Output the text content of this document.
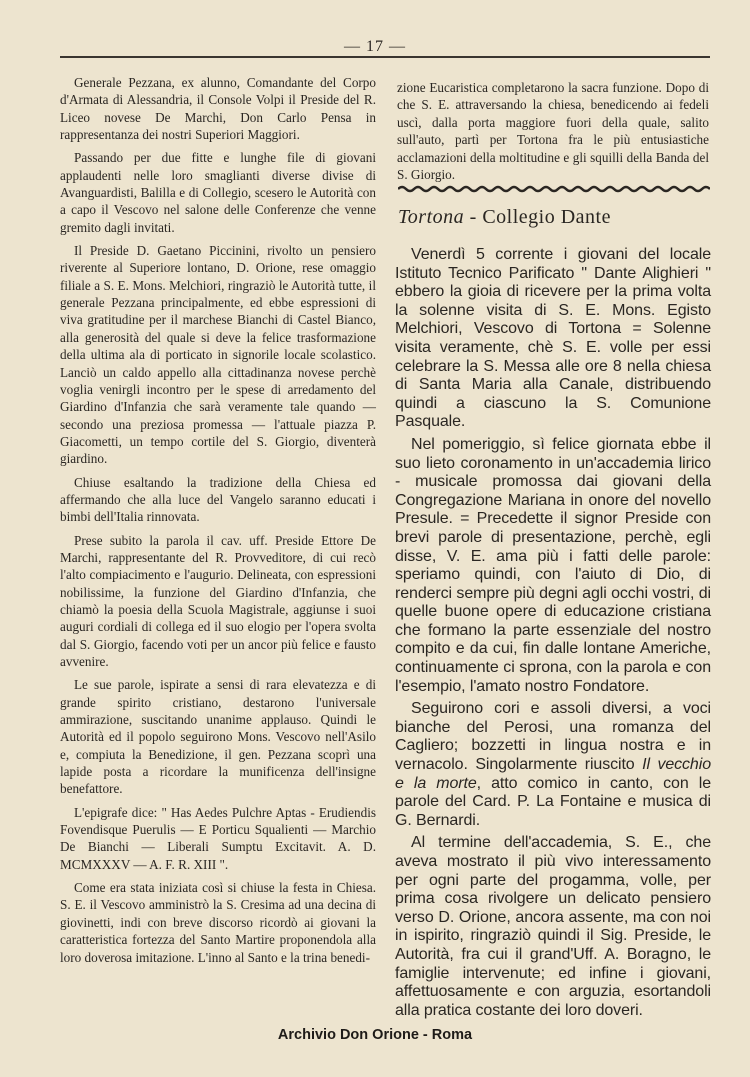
— 17 —

Generale Pezzana, ex alunno, Comandante del Corpo d'Armata di Alessandria, il Console Volpi il Preside del R. Liceo novese De Marchi, Don Carlo Pensa in rappresentanza dei nostri Superiori Maggiori.

Passando per due fitte e lunghe file di giovani applaudenti nelle loro smaglianti diverse divise di Avanguardisti, Balilla e di Collegio, scesero le Autorità con a capo il Vescovo nel salone delle Conferenze che venne gremito dagli invitati.

Il Preside D. Gaetano Piccinini, rivolto un pensiero riverente al Superiore lontano, D. Orione, rese omaggio filiale a S. E. Mons. Melchiori, ringraziò le Autorità tutte, il generale Pezzana principalmente, ed ebbe espressioni di viva gratitudine per il marchese Bianchi di Castel Bianco, alla generosità del quale si deve la felice trasformazione della ultima ala di porticato in signorile locale scolastico. Lanciò un caldo appello alla cittadinanza novese perchè voglia venirgli incontro per le spese di arredamento del Giardino d'Infanzia che sarà veramente tale quando — secondo una preziosa promessa — l'attuale piazza P. Giacometti, un tempo cortile del S. Giorgio, diventerà giardino.

Chiuse esaltando la tradizione della Chiesa ed affermando che alla luce del Vangelo saranno educati i bimbi dell'Italia rinnovata.

Prese subito la parola il cav. uff. Preside Ettore De Marchi, rappresentante del R. Provveditore, di cui recò l'alto compiacimento e l'augurio. Delineata, con espressioni nobilissime, la funzione del Giardino d'Infanzia, che chiamò la poesia della Scuola Magistrale, aggiunse i suoi auguri cordiali di collega ed il suo elogio per l'opera svolta dal S. Giorgio, facendo voti per un ancor più felice e fausto avvenire.

Le sue parole, ispirate a sensi di rara elevatezza e di grande spirito cristiano, destarono l'universale ammirazione, suscitando unanime applauso. Quindi le Autorità ed il popolo seguirono Mons. Vescovo nell'Asilo e, compiuta la Benedizione, il gen. Pezzana scoprì una lapide posta a ricordare la munificenza dell'insigne benefattore.

L'epigrafe dice: " Has Aedes Pulchre Aptas - Erudiendis Fovendisque Puerulis — E Porticu Squalienti — Marchio De Bianchi — Liberali Sumptu Excitavit. A. D. MCMXXXV — A. F. R. XIII ".

Come era stata iniziata così si chiuse la festa in Chiesa. S. E. il Vescovo amministrò la S. Cresima ad una decina di giovinetti, indi con breve discorso ricordò ai giovani la caratteristica fortezza del Santo Martire proponendola alla loro doverosa imitazione. L'inno al Santo e la trina benedi-

zione Eucaristica completarono la sacra funzione. Dopo di che S. E. attraversando la chiesa, benedicendo ai fedeli uscì, dalla porta maggiore fuori della quale, salito sull'auto, partì per Tortona fra le più entusiastiche acclamazioni della moltitudine e gli squilli della Banda del S. Giorgio.

Tortona - Collegio Dante

Venerdì 5 corrente i giovani del locale Istituto Tecnico Parificato " Dante Alighieri " ebbero la gioia di ricevere per la prima volta la solenne visita di S. E. Mons. Egisto Melchiori, Vescovo di Tortona = Solenne visita veramente, chè S. E. volle per essi celebrare la S. Messa alle ore 8 nella chiesa di Santa Maria alla Canale, distribuendo quindi a ciascuno la S. Comunione Pasquale.

Nel pomeriggio, sì felice giornata ebbe il suo lieto coronamento in un'accademia lirico - musicale promossa dai giovani della Congregazione Mariana in onore del novello Presule. = Precedette il signor Preside con brevi parole di presentazione, perchè, egli disse, V. E. ama più i fatti delle parole: speriamo quindi, con l'aiuto di Dio, di renderci sempre più degni agli occhi vostri, di quelle buone opere di educazione cristiana che formano la parte essenziale del nostro compito e da cui, fin dalle lontane Americhe, continuamente ci sprona, con la parola e con l'esempio, l'amato nostro Fondatore.

Seguirono cori e assoli diversi, a voci bianche del Perosi, una romanza del Cagliero; bozzetti in lingua nostra e in vernacolo. Singolarmente riuscito Il vecchio e la morte, atto comico in canto, con le parole del Card. P. La Fontaine e musica di G. Bernardi.

Al termine dell'accademia, S. E., che aveva mostrato il più vivo interessamento per ogni parte del progamma, volle, per prima cosa rivolgere un delicato pensiero verso D. Orione, ancora assente, ma con noi in ispirito, ringraziò quindi il Sig. Preside, le Autorità, fra cui il grand'Uff. A. Boragno, le famiglie intervenute; ed infine i giovani, affettuosamente e con arguzia, esortandoli alla pratica costante dei loro doveri.

Archivio Don Orione - Roma
